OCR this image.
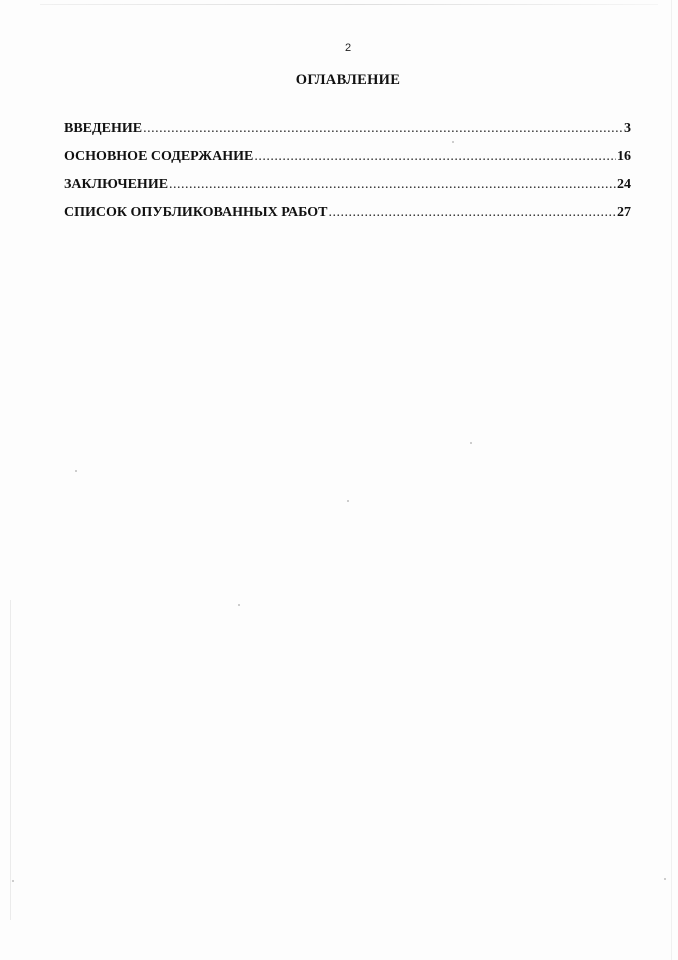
2
ОГЛАВЛЕНИЕ
ВВЕДЕНИЕ .....	3
ОСНОВНОЕ СОДЕРЖАНИЕ .....	16
ЗАКЛЮЧЕНИЕ .....	24
СПИСОК ОПУБЛИКОВАННЫХ РАБОТ .....	27
